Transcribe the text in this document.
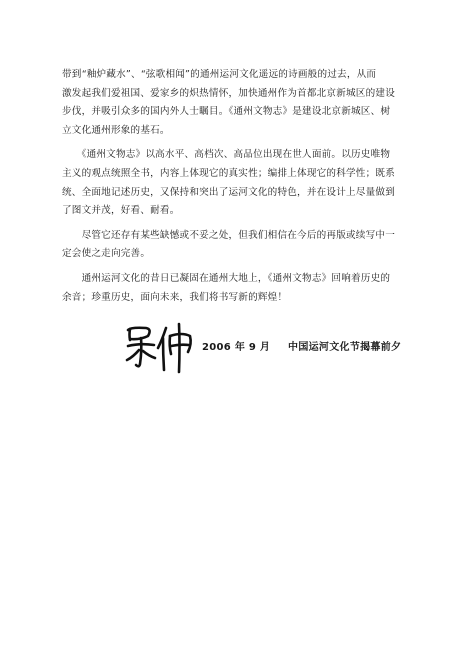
带到“釉炉藏水”、“弦歌相闻”的通州运河文化遥远的诗画般的过去，从而
激发起我们爱祖国、爱家乡的炽热情怀，加快通州作为首都北京新城区的建设
步伐，并吸引众多的国内外人士瞩目。《通州文物志》是建设北京新城区、树
立文化通州形象的基石。

　　《通州文物志》以高水平、高档次、高品位出现在世人面前。以历史唯物
主义的观点统照全书，内容上体现它的真实性；编排上体现它的科学性；既系
统、全面地记述历史，又保持和突出了运河文化的特色，并在设计上尽量做到
了图文并茂，好看、耐看。

　　尽管它还存有某些缺憾或不妥之处，但我们相信在今后的再版或续写中一
定会使之走向完善。

　　通州运河文化的昔日已凝固在通州大地上，《通州文物志》回响着历史的
余音；珍重历史，面向未来，我们将书写新的辉煌！

2006 年 9 月 中国运河文化节揭幕前夕
